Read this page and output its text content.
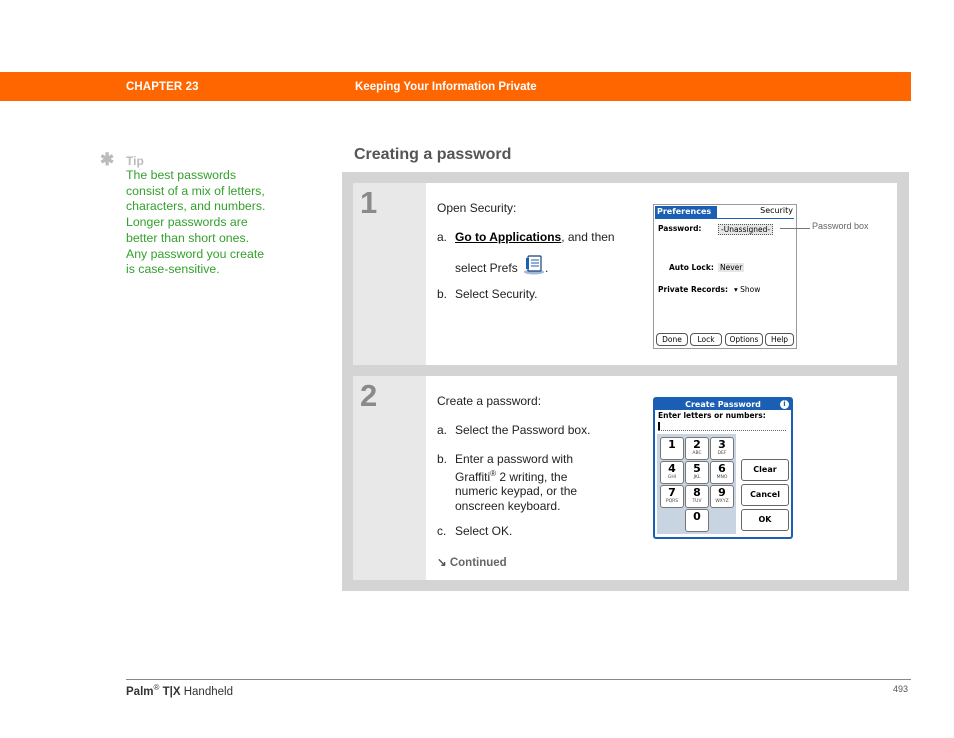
CHAPTER 23	Keeping Your Information Private
✱ Tip
The best passwords
consist of a mix of letters,
characters, and numbers.
Longer passwords are
better than short ones.
Any password you create
is case-sensitive.
Creating a password
1	Open Security:
a. Go to Applications, and then
select Prefs .
b. Select Security.
Preferences	Security
Password:	-Unassigned-
Auto Lock: Never
Private Records: ▾ Show
Done	Lock	Options	Help
Password box
2	Create a password:
a. Select the Password box.
b. Enter a password with
Graffiti® 2 writing, the
numeric keypad, or the
onscreen keyboard.
c. Select OK.
↘ Continued
Create Password	i
Enter letters or numbers:
1	2
ABC
3
DEF
4
GHI
5
JKL
6
MNO
7
PQRS
8
TUV
9
WXYZ
0
Clear
Cancel
OK
Palm® T|X Handheld	493
